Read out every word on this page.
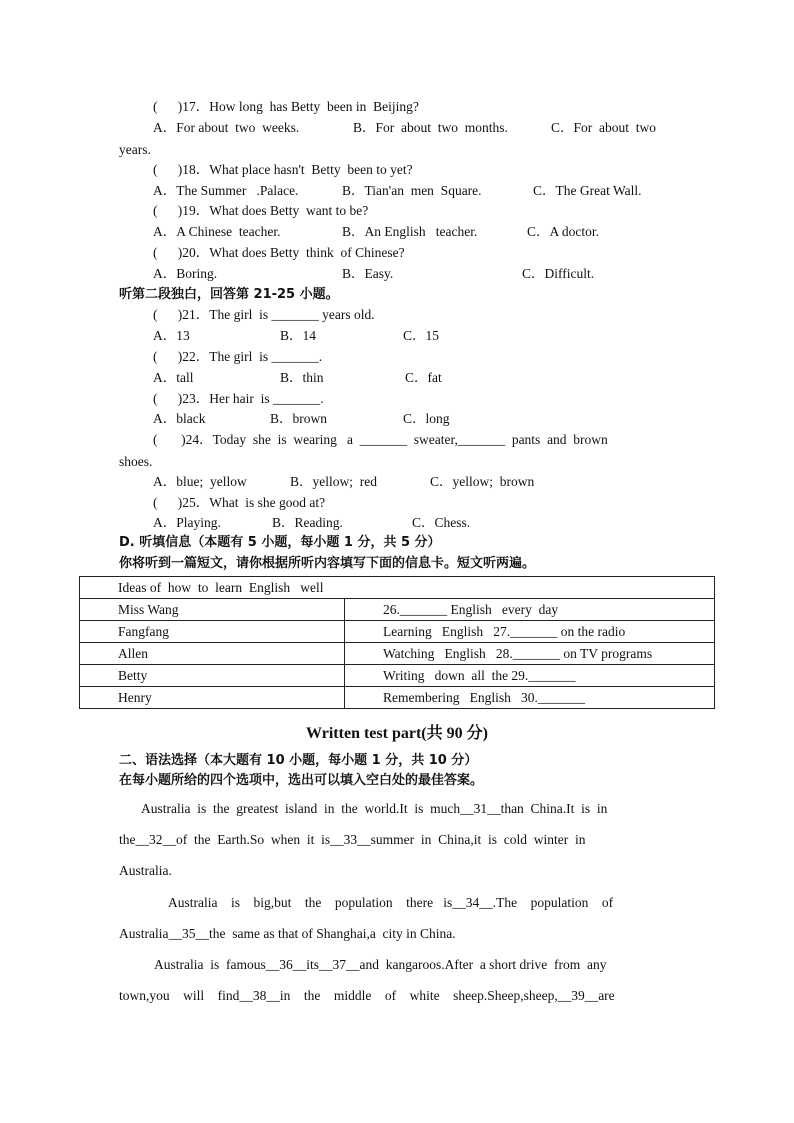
(      )17．How long  has Betty  been in  Beijing?
A．For about  two  weeks.	B．For  about  two  months.	C．For  about  two
years.
(      )18．What place hasn't  Betty  been to yet?
A．The Summer   .Palace.	B．Tian'an  men  Square.	C．The Great Wall.
(      )19．What does Betty  want to be?
A．A Chinese  teacher.	B．An English   teacher.	C．A doctor.
(      )20．What does Betty  think  of Chinese?
A．Boring.	B．Easy.	C．Difficult.
听第二段独白，回答第 21-25 小题。
(      )21．The girl  is _______ years old.
A．13	B．14	C．15
(      )22．The girl  is _______.
A．tall	B．thin	C．fat
(      )23．Her hair  is _______.
A．black	B．brown	C．long
(       )24．Today  she  is  wearing   a  _______  sweater,_______  pants  and  brown
shoes.
A．blue;  yellow	B．yellow;  red	C．yellow;  brown
(      )25．What  is she good at?
A．Playing.	B．Reading.	C．Chess.
D. 听填信息（本题有 5 小题，每小题 1 分，共 5 分）
你将听到一篇短文，请你根据所听内容填写下面的信息卡。短文听两遍。
Ideas of  how  to  learn  English   well	
Miss Wang	26._______ English   every  day
Fangfang	Learning   English   27._______ on the radio
Allen	Watching   English   28._______ on TV programs
Betty	Writing   down  all  the 29._______
Henry	Remembering   English   30._______
Written test part(共 90 分)
二、语法选择（本大题有 10 小题，每小题 1 分，共 10 分）
在每小题所给的四个选项中，选出可以填入空白处的最佳答案。
Australia  is  the  greatest  island  in  the  world.It  is  much__31__than  China.It  is  in
the__32__of  the  Earth.So  when  it  is__33__summer  in  China,it  is  cold  winter  in
Australia.
Australia    is    big,but    the    population    there   is__34__.The    population    of
Australia__35__the  same as that of Shanghai,a  city in China.
Australia  is  famous__36__its__37__and  kangaroos.After  a short drive  from  any
town,you    will    find__38__in    the    middle    of    white    sheep.Sheep,sheep,__39__are
